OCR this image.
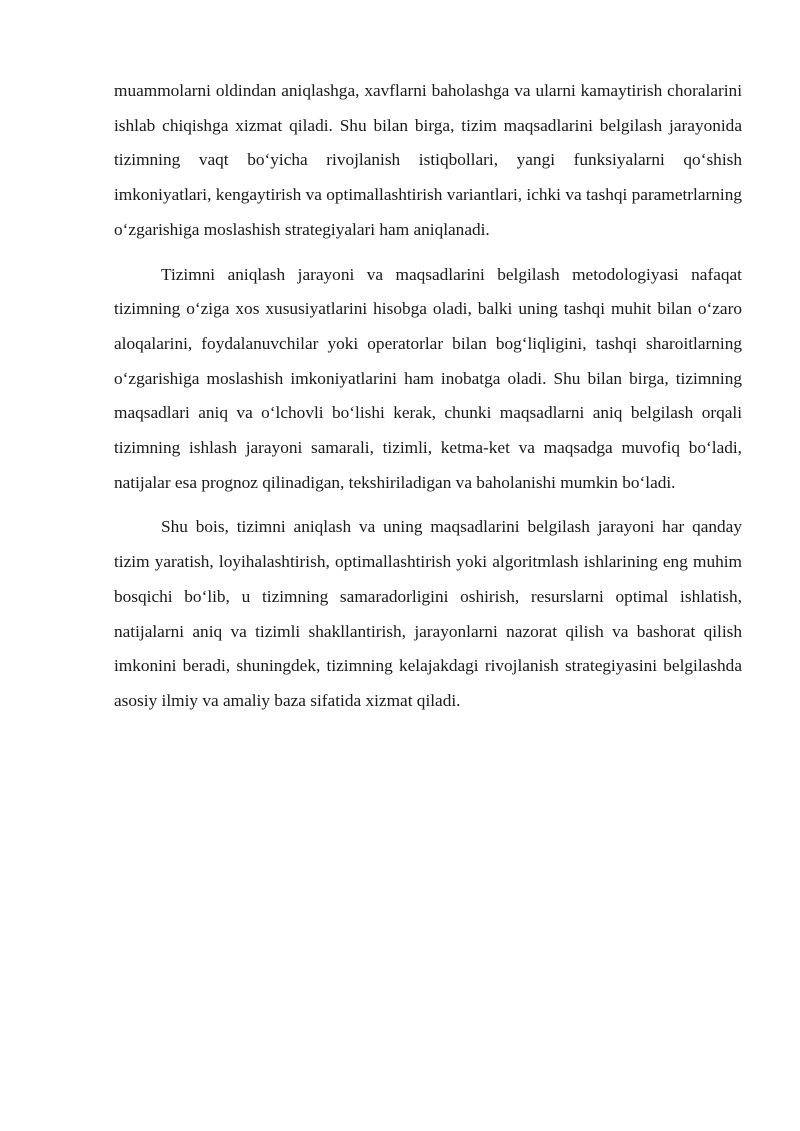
muammolarni oldindan aniqlashga, xavflarni baholashga va ularni kamaytirish choralarini ishlab chiqishga xizmat qiladi. Shu bilan birga, tizim maqsadlarini belgilash jarayonida tizimning vaqt bo‘yicha rivojlanish istiqbollari, yangi funksiyalarni qo‘shish imkoniyatlari, kengaytirish va optimallashtirish variantlari, ichki va tashqi parametrlarning o‘zgarishiga moslashish strategiyalari ham aniqlanadi.

Tizimni aniqlash jarayoni va maqsadlarini belgilash metodologiyasi nafaqat tizimning o‘ziga xos xususiyatlarini hisobga oladi, balki uning tashqi muhit bilan o‘zaro aloqalarini, foydalanuvchilar yoki operatorlar bilan bog‘liqligini, tashqi sharoitlarning o‘zgarishiga moslashish imkoniyatlarini ham inobatga oladi. Shu bilan birga, tizimning maqsadlari aniq va o‘lchovli bo‘lishi kerak, chunki maqsadlarni aniq belgilash orqali tizimning ishlash jarayoni samarali, tizimli, ketma-ket va maqsadga muvofiq bo‘ladi, natijalar esa prognoz qilinadigan, tekshiriladigan va baholanishi mumkin bo‘ladi.

Shu bois, tizimni aniqlash va uning maqsadlarini belgilash jarayoni har qanday tizim yaratish, loyihalashtirish, optimallashtirish yoki algoritmlash ishlarining eng muhim bosqichi bo‘lib, u tizimning samaradorligini oshirish, resurslarni optimal ishlatish, natijalarni aniq va tizimli shakllantirish, jarayonlarni nazorat qilish va bashorat qilish imkonini beradi, shuningdek, tizimning kelajakdagi rivojlanish strategiyasini belgilashda asosiy ilmiy va amaliy baza sifatida xizmat qiladi.
